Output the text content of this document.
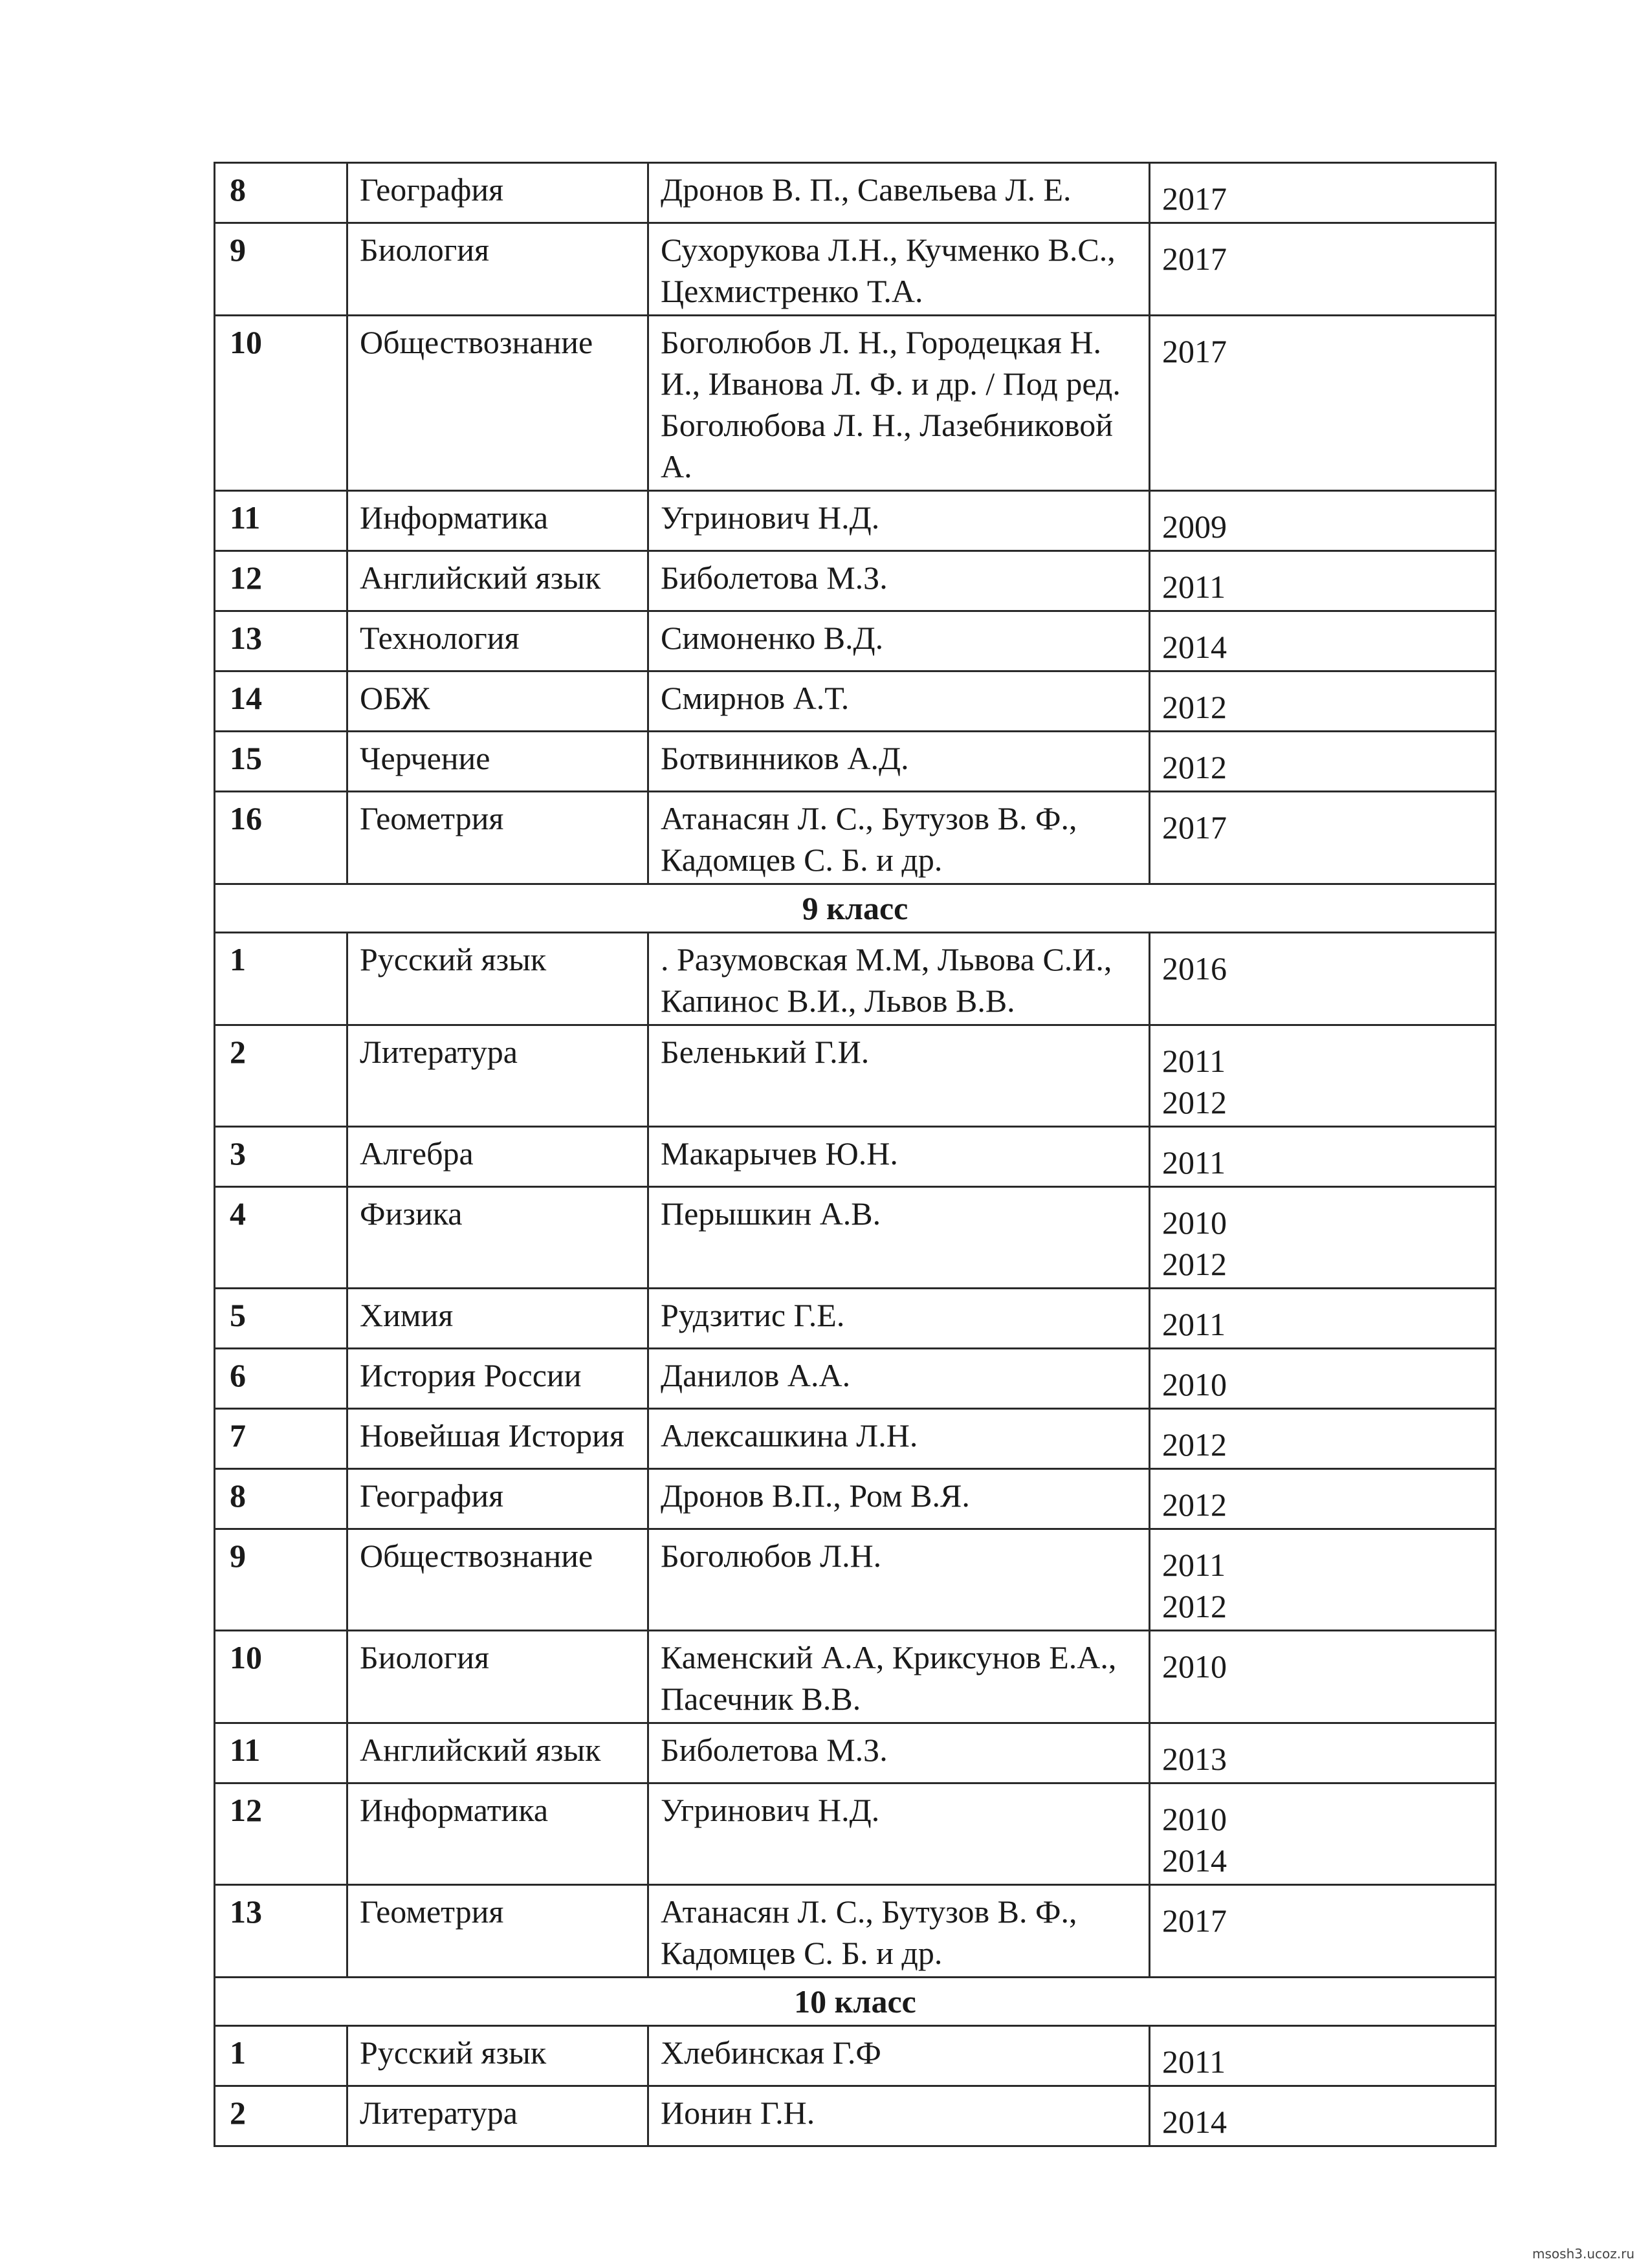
8	География	Дронов В. П., Савельева Л. Е.	2017

9	Биология	Сухорукова Л.Н., Кучменко В.С., Цехмистренко Т.А.	2017

10	Обществознание	Боголюбов Л. Н., Городецкая Н. И., Иванова Л. Ф. и др. / Под ред. Боголюбова Л. Н., Лазебниковой А.	2017

11	Информатика	Угринович Н.Д.	2009

12	Английский язык	Биболетова М.З.	2011

13	Технология	Симоненко В.Д.	2014

14	ОБЖ	Смирнов А.Т.	2012

15	Черчение	Ботвинников А.Д.	2012

16	Геометрия	Атанасян Л. С., Бутузов В. Ф., Кадомцев С. Б. и др.	2017

9 класс			
1	Русский язык	. Разумовская М.М, Львова С.И., Капинос В.И., Львов В.В.	2016

2	Литература	Беленький Г.И.	2011
2012

3	Алгебра	Макарычев Ю.Н.	2011

4	Физика	Перышкин А.В.	2010
2012

5	Химия	Рудзитис Г.Е.	2011

6	История России	Данилов А.А.	2010

7	Новейшая История	Алексашкина Л.Н.	2012

8	География	Дронов В.П., Ром В.Я.	2012

9	Обществознание	Боголюбов Л.Н.	2011
2012

10	Биология	Каменский А.А, Криксунов Е.А., Пасечник В.В.	2010

11	Английский язык	Биболетова М.З.	2013

12	Информатика	Угринович Н.Д.	2010
2014

13	Геометрия	Атанасян Л. С., Бутузов В. Ф., Кадомцев С. Б. и др.	2017

10 класс			
1	Русский язык	Хлебинская Г.Ф	2011

2	Литература	Ионин Г.Н.	2014
msosh3.ucoz.ru
